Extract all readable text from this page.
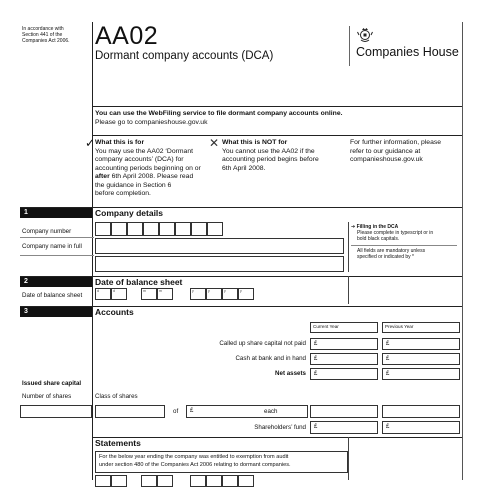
In accordance with
Section 441 of the
Companies Act 2006.	AA02
Dormant company accounts (DCA)	Companies House
You can use the WebFiling service to file dormant company accounts online.
Please go to companieshouse.gov.uk
✓ What this is for
You may use the AA02 ‘Dormant
company accounts’ (DCA) for
accounting periods beginning on or
after 6th April 2008. Please read
the guidance in Section 6
before completion.
✕ What this is NOT for
You cannot use the AA02 if the
accounting period begins before
6th April 2008.
For further information, please
refer to our guidance at
companieshouse.gov.uk
1	Company details
Company number
Company name in full
➔ Filling in the DCA
Please complete in typescript or in
bold black capitals.
All fields are mandatory unless
specified or indicated by *
2	Date of balance sheet
Date of balance sheet
d	d	m	m	y	y	y	y
3	Accounts
Current Year	Previous Year
Called up share capital not paid £	£
Cash at bank and in hand £	£
Net assets £	£
Issued share capital
Number of shares	Class of shares
of £	each
Shareholders’ fund £	£
Statements
For the below year ending the company was entitled to exemption from audit
under section 480 of the Companies Act 2006 relating to dormant companies.
